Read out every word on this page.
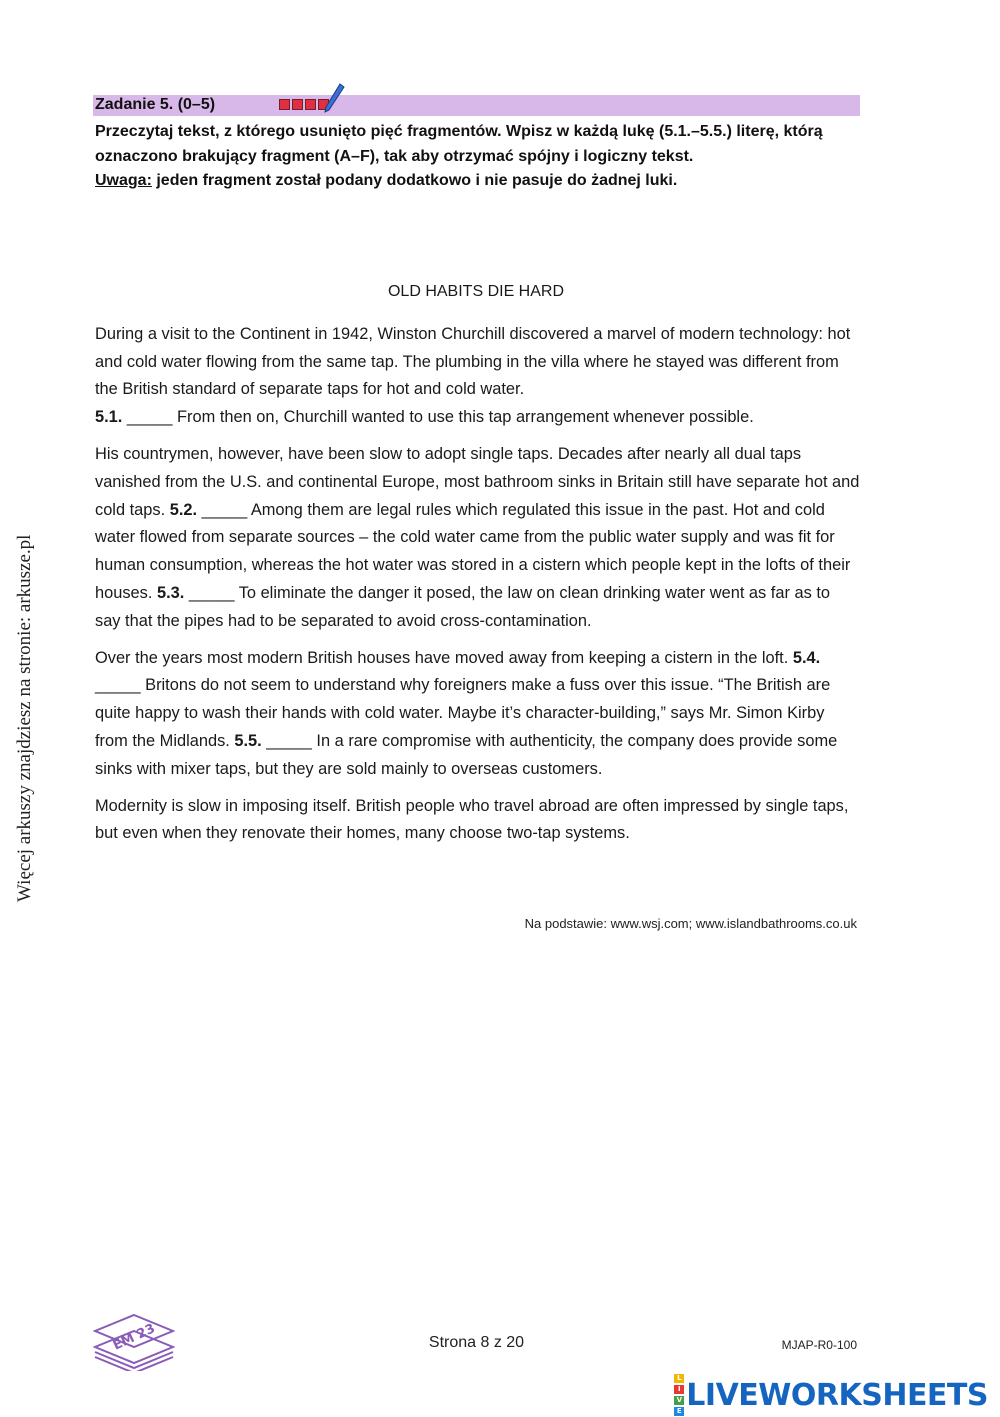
Więcej arkuszy znajdziesz na stronie: arkusze.pl
Zadanie 5. (0–5)

Przeczytaj tekst, z którego usunięto pięć fragmentów. Wpisz w każdą lukę (5.1.–5.5.) literę, którą oznaczono brakujący fragment (A–F), tak aby otrzymać spójny i logiczny tekst.

Uwaga: jeden fragment został podany dodatkowo i nie pasuje do żadnej luki.

OLD HABITS DIE HARD

During a visit to the Continent in 1942, Winston Churchill discovered a marvel of modern technology: hot and cold water flowing from the same tap. The plumbing in the villa where he stayed was different from the British standard of separate taps for hot and cold water.
5.1. _____ From then on, Churchill wanted to use this tap arrangement whenever possible.

His countrymen, however, have been slow to adopt single taps. Decades after nearly all dual taps vanished from the U.S. and continental Europe, most bathroom sinks in Britain still have separate hot and cold taps. 5.2. _____ Among them are legal rules which regulated this issue in the past. Hot and cold water flowed from separate sources – the cold water came from the public water supply and was fit for human consumption, whereas the hot water was stored in a cistern which people kept in the lofts of their houses. 5.3. _____ To eliminate the danger it posed, the law on clean drinking water went as far as to say that the pipes had to be separated to avoid cross-contamination.

Over the years most modern British houses have moved away from keeping a cistern in the loft. 5.4. _____ Britons do not seem to understand why foreigners make a fuss over this issue. “The British are quite happy to wash their hands with cold water. Maybe it’s character-building,” says Mr. Simon Kirby from the Midlands. 5.5. _____ In a rare compromise with authenticity, the company does provide some sinks with mixer taps, but they are sold mainly to overseas customers.

Modernity is slow in imposing itself. British people who travel abroad are often impressed by single taps, but even when they renovate their homes, many choose two-tap systems.

Na podstawie: www.wsj.com; www.islandbathrooms.co.uk
EM 23	Strona 8 z 20	MJAP-R0-100
L
I
V
E LIVEWORKSHEETS
